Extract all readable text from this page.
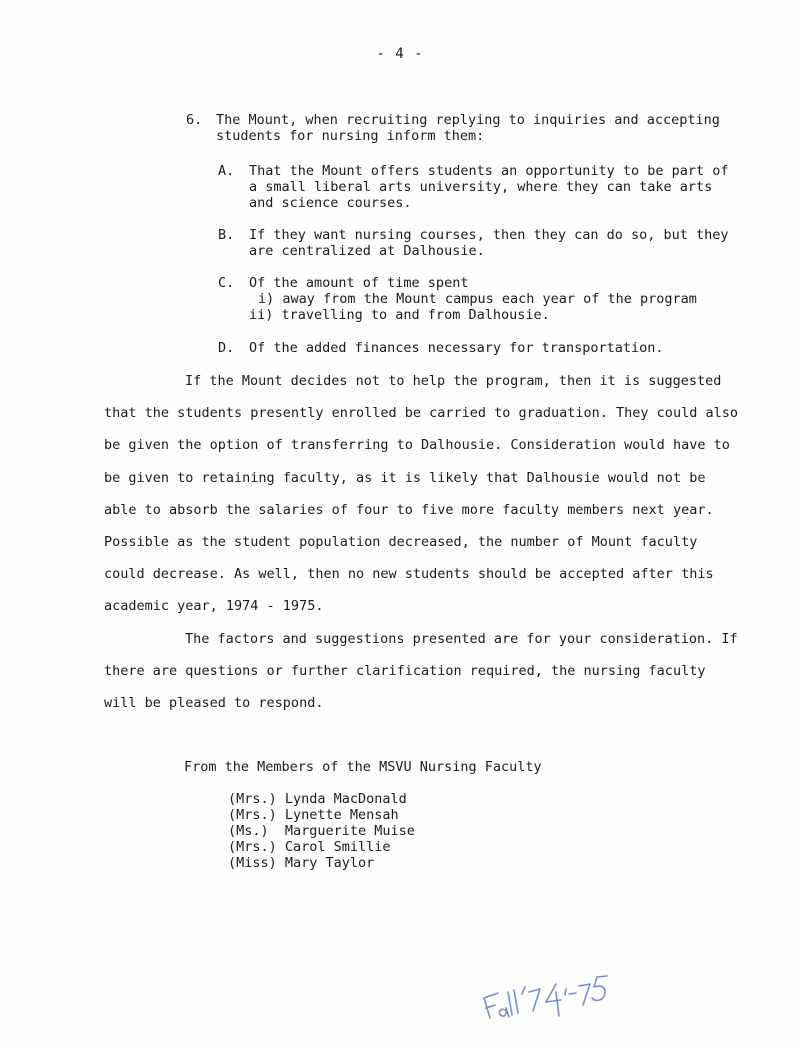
- 4 -
6. The Mount, when recruiting replying to inquiries and accepting students for nursing inform them:
A. That the Mount offers students an opportunity to be part of a small liberal arts university, where they can take arts and science courses.
B. If they want nursing courses, then they can do so, but they are centralized at Dalhousie.
C. Of the amount of time spent
i) away from the Mount campus each year of the program
ii) travelling to and from Dalhousie.
D. Of the added finances necessary for transportation.
If the Mount decides not to help the program, then it is suggested that the students presently enrolled be carried to graduation. They could also be given the option of transferring to Dalhousie. Consideration would have to be given to retaining faculty, as it is likely that Dalhousie would not be able to absorb the salaries of four to five more faculty members next year. Possible as the student population decreased, the number of Mount faculty could decrease. As well, then no new students should be accepted after this academic year, 1974 - 1975.
The factors and suggestions presented are for your consideration. If there are questions or further clarification required, the nursing faculty will be pleased to respond.
From the Members of the MSVU Nursing Faculty
(Mrs.) Lynda MacDonald
(Mrs.) Lynette Mensah
(Ms.)  Marguerite Muise
(Mrs.) Carol Smillie
(Miss) Mary Taylor
